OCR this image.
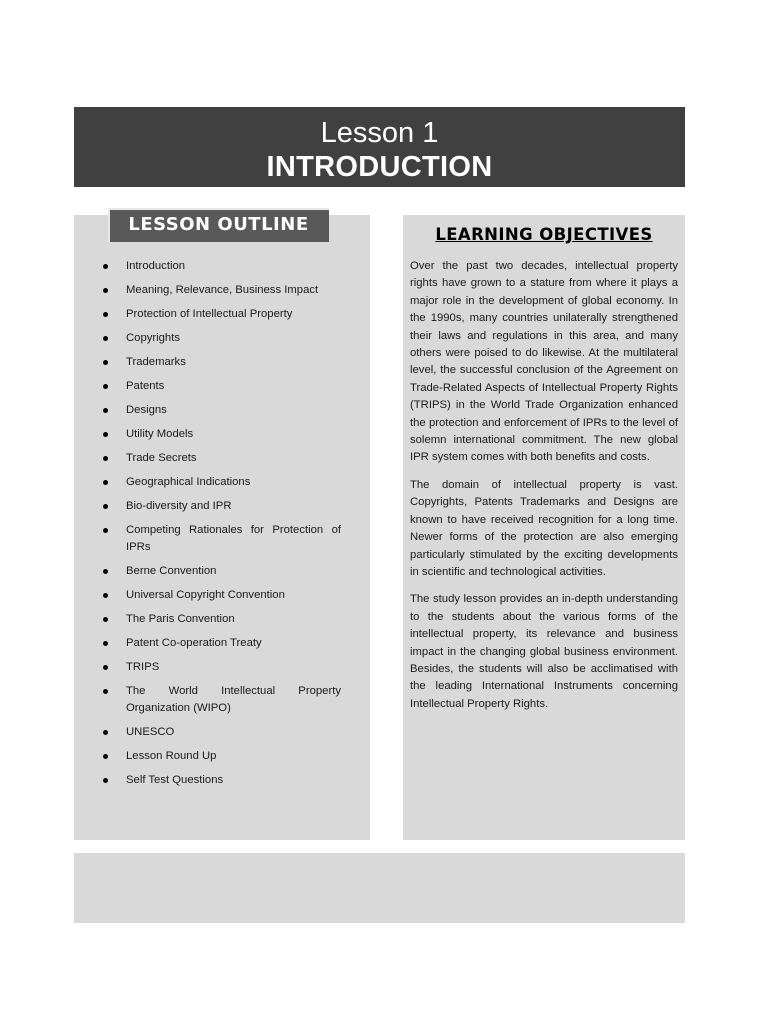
Lesson 1
INTRODUCTION
LESSON OUTLINE
Introduction
Meaning, Relevance, Business Impact
Protection of Intellectual Property
Copyrights
Trademarks
Patents
Designs
Utility Models
Trade Secrets
Geographical Indications
Bio-diversity and IPR
Competing Rationales for Protection of IPRs
Berne Convention
Universal Copyright Convention
The Paris Convention
Patent Co-operation Treaty
TRIPS
The World Intellectual Property Organization (WIPO)
UNESCO
Lesson Round Up
Self Test Questions
LEARNING OBJECTIVES

Over the past two decades, intellectual property rights have grown to a stature from where it plays a major role in the development of global economy. In the 1990s, many countries unilaterally strengthened their laws and regulations in this area, and many others were poised to do likewise. At the multilateral level, the successful conclusion of the Agreement on Trade-Related Aspects of Intellectual Property Rights (TRIPS) in the World Trade Organization enhanced the protection and enforcement of IPRs to the level of solemn international commitment. The new global IPR system comes with both benefits and costs.

The domain of intellectual property is vast. Copyrights, Patents Trademarks and Designs are known to have received recognition for a long time. Newer forms of the protection are also emerging particularly stimulated by the exciting developments in scientific and technological activities.

The study lesson provides an in-depth understanding to the students about the various forms of the intellectual property, its relevance and business impact in the changing global business environment. Besides, the students will also be acclimatised with the leading International Instruments concerning Intellectual Property Rights.
